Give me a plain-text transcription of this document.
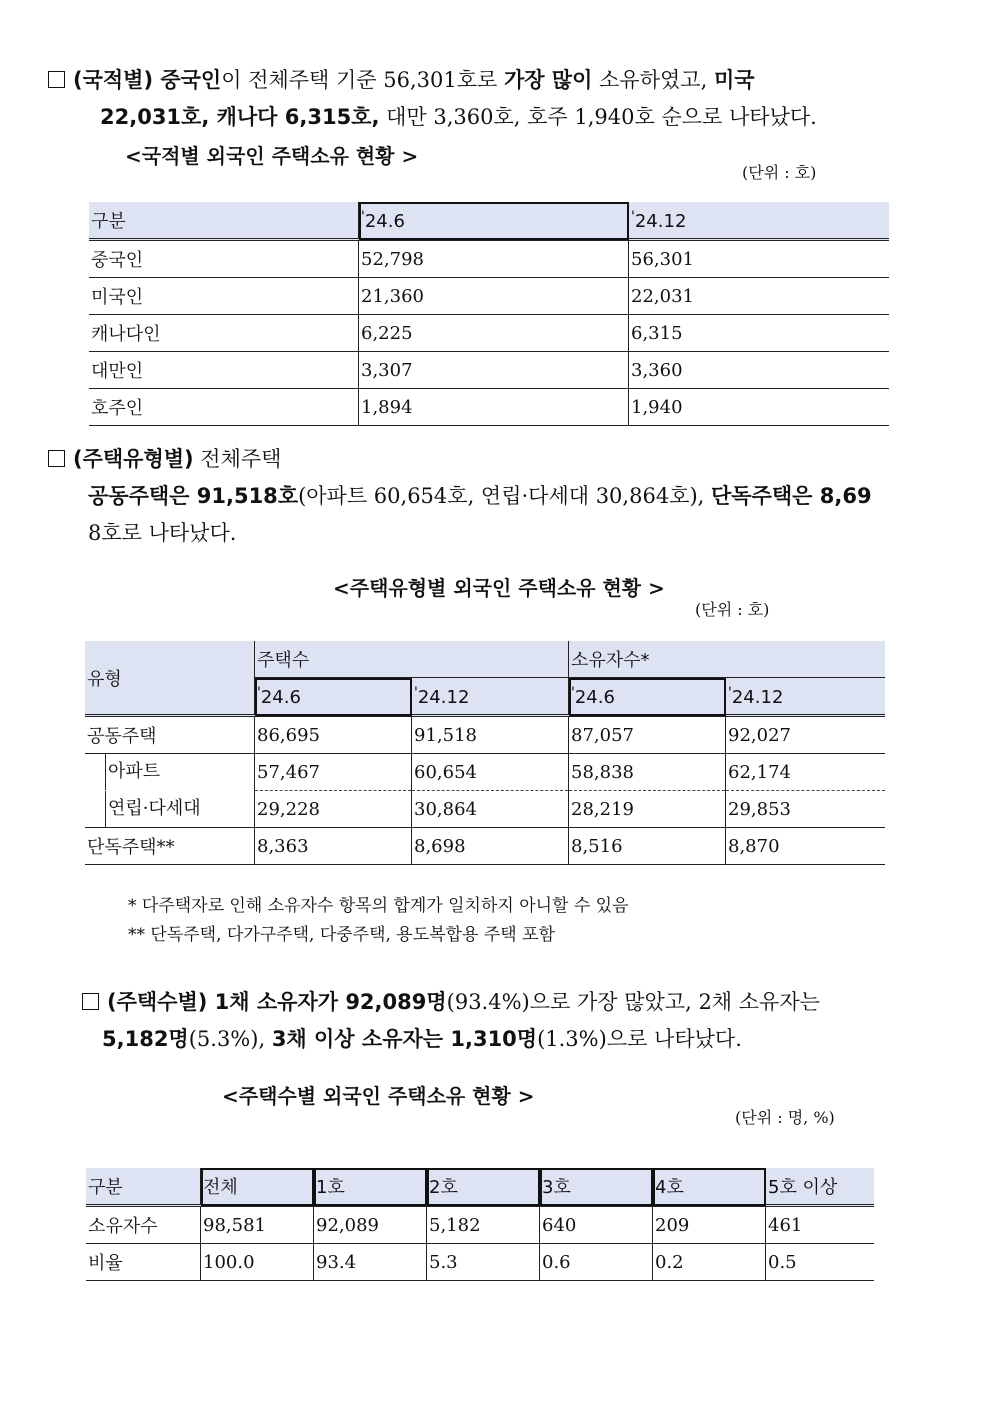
(국적별) 중국인이 전체주택 기준 56,301호로 가장 많이 소유하였고, 미국
22,031호, 캐나다 6,315호, 대만 3,360호, 호주 1,940호 순으로 나타났다.
<국적별 외국인 주택소유 현황 >
(단위 : 호)
구분	'24.6	'24.12
중국인	52,798	56,301
미국인	21,360	22,031
캐나다인	6,225	6,315
대만인	3,307	3,360
호주인	1,894	1,940
(주택유형별) 전체주택
공동주택은 91,518호(아파트 60,654호, 연립·다세대 30,864호), 단독주택은 8,69
8호로 나타났다.
<주택유형별 외국인 주택소유 현황 >
(단위 : 호)
유형	주택수		소유자수*	
	'24.6	'24.12	'24.6	'24.12
공동주택	86,695	91,518	87,057	92,027
아파트	57,467	60,654	58,838	62,174
연립·다세대	29,228	30,864	28,219	29,853
단독주택**	8,363	8,698	8,516	8,870
* 다주택자로 인해 소유자수 항목의 합계가 일치하지 아니할 수 있음
** 단독주택, 다가구주택, 다중주택, 용도복합용 주택 포함
(주택수별) 1채 소유자가 92,089명(93.4%)으로 가장 많았고, 2채 소유자는
5,182명(5.3%), 3채 이상 소유자는 1,310명(1.3%)으로 나타났다.
<주택수별 외국인 주택소유 현황 >
(단위 : 명, %)
구분	전체	1호	2호	3호	4호	5호 이상
소유자수	98,581	92,089	5,182	640	209	461
비율	100.0	93.4	5.3	0.6	0.2	0.5
